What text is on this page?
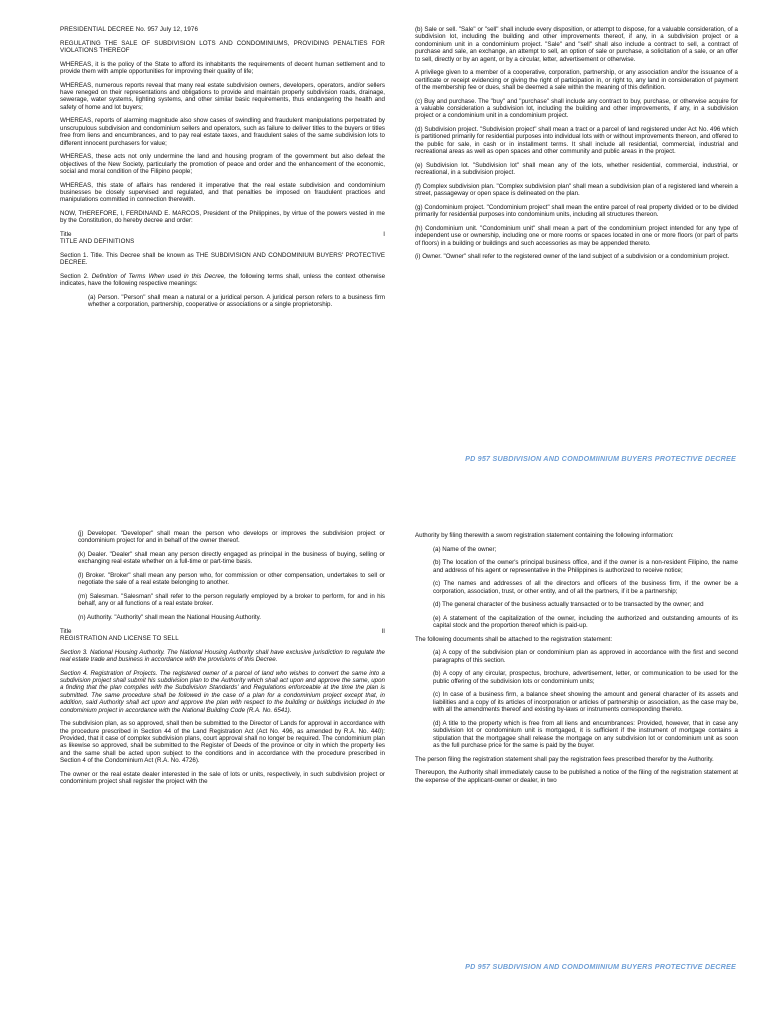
PRESIDENTIAL DECREE No. 957 July 12, 1976

REGULATING THE SALE OF SUBDIVISION LOTS AND CONDOMINIUMS, PROVIDING PENALTIES FOR VIOLATIONS THEREOF

WHEREAS, it is the policy of the State to afford its inhabitants the requirements of decent human settlement and to provide them with ample opportunities for improving their quality of life;

WHEREAS, numerous reports reveal that many real estate subdivision owners, developers, operators, and/or sellers have reneged on their representations and obligations to provide and maintain properly subdivision roads, drainage, sewerage, water systems, lighting systems, and other similar basic requirements, thus endangering the health and safety of home and lot buyers;

WHEREAS, reports of alarming magnitude also show cases of swindling and fraudulent manipulations perpetrated by unscrupulous subdivision and condominium sellers and operators, such as failure to deliver titles to the buyers or titles free from liens and encumbrances, and to pay real estate taxes, and fraudulent sales of the same subdivision lots to different innocent purchasers for value;

WHEREAS, these acts not only undermine the land and housing program of the government but also defeat the objectives of the New Society, particularly the promotion of peace and order and the enhancement of the economic, social and moral condition of the Filipino people;

WHEREAS, this state of affairs has rendered it imperative that the real estate subdivision and condominium businesses be closely supervised and regulated, and that penalties be imposed on fraudulent practices and manipulations committed in connection therewith.

NOW, THEREFORE, I, FERDINAND E. MARCOS, President of the Philippines, by virtue of the powers vested in me by the Constitution, do hereby decree and order:

Title	I

TITLE AND DEFINITIONS

Section 1. Title. This Decree shall be known as THE SUBDIVISION AND CONDOMINIUM BUYERS' PROTECTIVE DECREE.

Section 2. Definition of Terms When used in this Decree, the following terms shall, unless the context otherwise indicates, have the following respective meanings:

(a) Person. "Person" shall mean a natural or a juridical person. A juridical person refers to a business firm whether a corporation, partnership, cooperative or associations or a single proprietorship.

(b) Sale or sell. "Sale" or "sell" shall include every disposition, or attempt to dispose, for a valuable consideration, of a subdivision lot, including the building and other improvements thereof, if any, in a subdivision project or a condominium unit in a condominium project. "Sale" and "sell" shall also include a contract to sell, a contract of purchase and sale, an exchange, an attempt to sell, an option of sale or purchase, a solicitation of a sale, or an offer to sell, directly or by an agent, or by a circular, letter, advertisement or otherwise.

A privilege given to a member of a cooperative, corporation, partnership, or any association and/or the issuance of a certificate or receipt evidencing or giving the right of participation in, or right to, any land in consideration of payment of the membership fee or dues, shall be deemed a sale within the meaning of this definition.

(c) Buy and purchase. The "buy" and "purchase" shall include any contract to buy, purchase, or otherwise acquire for a valuable consideration a subdivision lot, including the building and other improvements, if any, in a subdivision project or a condominium unit in a condominium project.

(d) Subdivision project. "Subdivision project" shall mean a tract or a parcel of land registered under Act No. 496 which is partitioned primarily for residential purposes into individual lots with or without improvements thereon, and offered to the public for sale, in cash or in installment terms. It shall include all residential, commercial, industrial and recreational areas as well as open spaces and other community and public areas in the project.

(e) Subdivision lot. "Subdivision lot" shall mean any of the lots, whether residential, commercial, industrial, or recreational, in a subdivision project.

(f) Complex subdivision plan. "Complex subdivision plan" shall mean a subdivision plan of a registered land wherein a street, passageway or open space is delineated on the plan.

(g) Condominium project. "Condominium project" shall mean the entire parcel of real property divided or to be divided primarily for residential purposes into condominium units, including all structures thereon.

(h) Condominium unit. "Condominium unit" shall mean a part of the condominium project intended for any type of independent use or ownership, including one or more rooms or spaces located in one or more floors (or part of parts of floors) in a building or buildings and such accessories as may be appended thereto.

(i) Owner. "Owner" shall refer to the registered owner of the land subject of a subdivision or a condominium project.

PD 957 SUBDIVISION AND CONDOMIINIUM BUYERS PROTECTIVE DECREE

(j) Developer. "Developer" shall mean the person who develops or improves the subdivision project or condominium project for and in behalf of the owner thereof.

(k) Dealer. "Dealer" shall mean any person directly engaged as principal in the business of buying, selling or exchanging real estate whether on a full-time or part-time basis.

(l) Broker. "Broker" shall mean any person who, for commission or other compensation, undertakes to sell or negotiate the sale of a real estate belonging to another.

(m) Salesman. "Salesman" shall refer to the person regularly employed by a broker to perform, for and in his behalf, any or all functions of a real estate broker.

(n) Authority. "Authority" shall mean the National Housing Authority.

Title	II

REGISTRATION AND LICENSE TO SELL

Section 3. National Housing Authority. The National Housing Authority shall have exclusive jurisdiction to regulate the real estate trade and business in accordance with the provisions of this Decree.

Section 4. Registration of Projects. The registered owner of a parcel of land who wishes to convert the same into a subdivision project shall submit his subdivision plan to the Authority which shall act upon and approve the same, upon a finding that the plan complies with the Subdivision Standards' and Regulations enforceable at the time the plan is submitted. The same procedure shall be followed in the case of a plan for a condominium project except that, in addition, said Authority shall act upon and approve the plan with respect to the building or buildings included in the condominium project in accordance with the National Building Code (R.A. No. 6541).

The subdivision plan, as so approved, shall then be submitted to the Director of Lands for approval in accordance with the procedure prescribed in Section 44 of the Land Registration Act (Act No. 496, as amended by R.A. No. 440): Provided, that it case of complex subdivision plans, court approval shall no longer be required. The condominium plan as likewise so approved, shall be submitted to the Register of Deeds of the province or city in which the property lies and the same shall be acted upon subject to the conditions and in accordance with the procedure prescribed in Section 4 of the Condominium Act (R.A. No. 4726).

The owner or the real estate dealer interested in the sale of lots or units, respectively, in such subdivision project or condominium project shall register the project with the

Authority by filing therewith a sworn registration statement containing the following information:

(a) Name of the owner;

(b) The location of the owner's principal business office, and if the owner is a non-resident Filipino, the name and address of his agent or representative in the Philippines is authorized to receive notice;

(c) The names and addresses of all the directors and officers of the business firm, if the owner be a corporation, association, trust, or other entity, and of all the partners, if it be a partnership;

(d) The general character of the business actually transacted or to be transacted by the owner; and

(e) A statement of the capitalization of the owner, including the authorized and outstanding amounts of its capital stock and the proportion thereof which is paid-up.

The following documents shall be attached to the registration statement:

(a) A copy of the subdivision plan or condominium plan as approved in accordance with the first and second paragraphs of this section.

(b) A copy of any circular, prospectus, brochure, advertisement, letter, or communication to be used for the public offering of the subdivision lots or condominium units;

(c) In case of a business firm, a balance sheet showing the amount and general character of its assets and liabilities and a copy of its articles of incorporation or articles of partnership or association, as the case may be, with all the amendments thereof and existing by-laws or instruments corresponding thereto.

(d) A title to the property which is free from all liens and encumbrances: Provided, however, that in case any subdivision lot or condominium unit is mortgaged, it is sufficient if the instrument of mortgage contains a stipulation that the mortgagee shall release the mortgage on any subdivision lot or condominium unit as soon as the full purchase price for the same is paid by the buyer.

The person filing the registration statement shall pay the registration fees prescribed therefor by the Authority.

Thereupon, the Authority shall immediately cause to be published a notice of the filing of the registration statement at the expense of the applicant-owner or dealer, in two

PD 957 SUBDIVISION AND CONDOMIINIUM BUYERS PROTECTIVE DECREE
